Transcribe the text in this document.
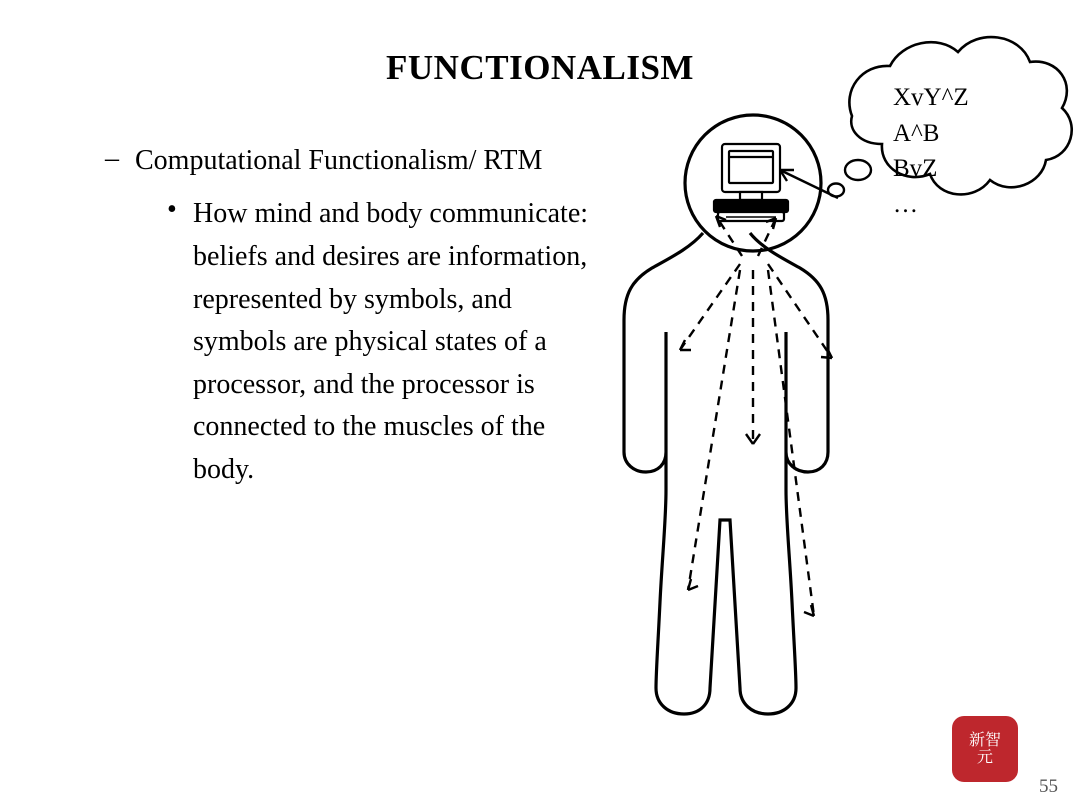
FUNCTIONALISM
– Computational Functionalism/ RTM
• How mind and body communicate: beliefs and desires are information, represented by symbols, and symbols are physical states of a processor, and the processor is connected to the muscles of the body.
XvY^Z
A^B
BvZ
…
新智
元
55
